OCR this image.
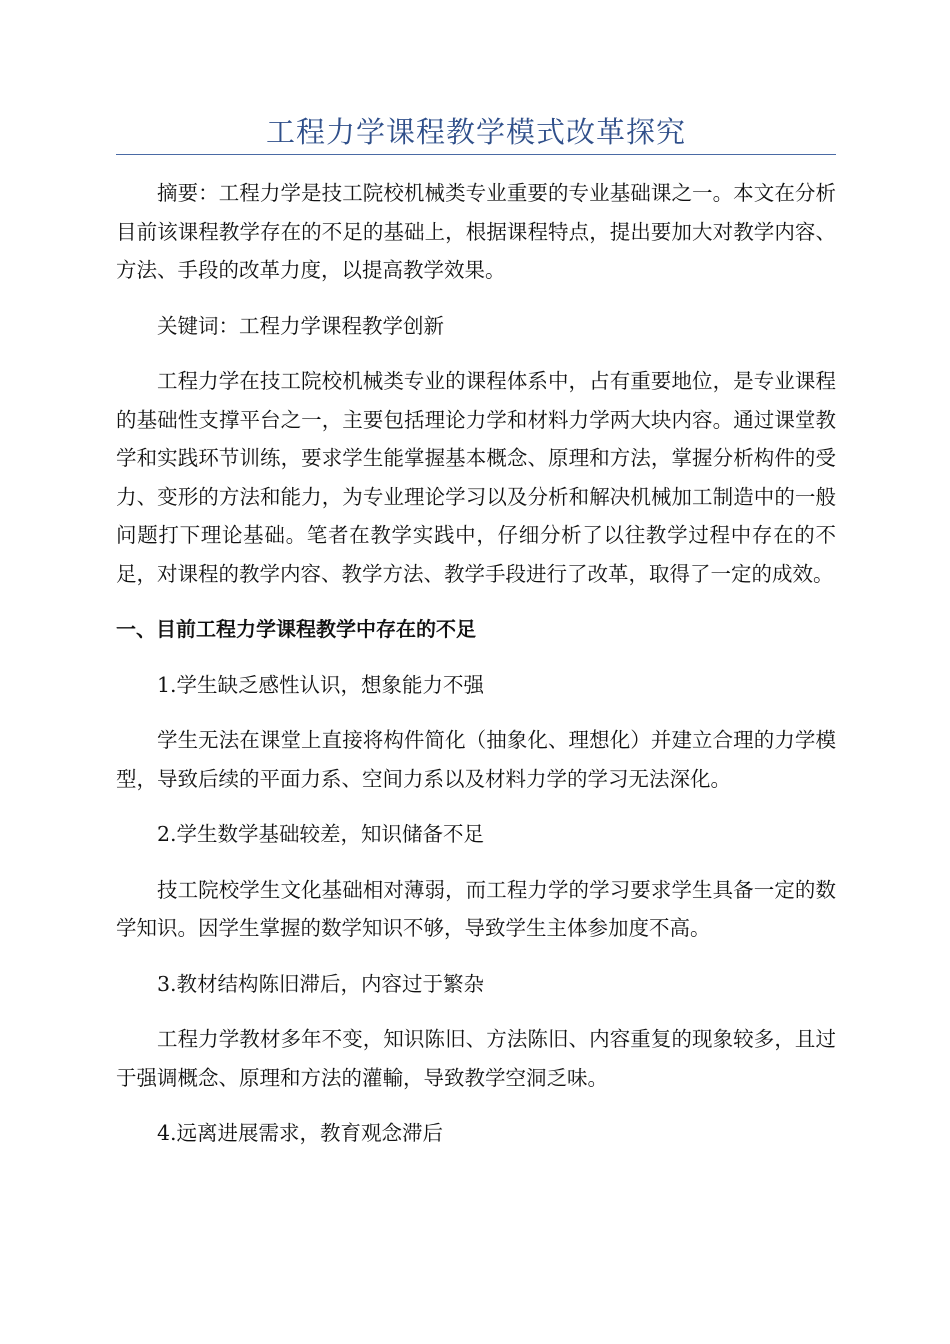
工程力学课程教学模式改革探究

摘要：工程力学是技工院校机械类专业重要的专业基础课之一。本文在分析目前该课程教学存在的不足的基础上，根据课程特点，提出要加大对教学内容、方法、手段的改革力度，以提高教学效果。

关键词：工程力学课程教学创新

工程力学在技工院校机械类专业的课程体系中，占有重要地位，是专业课程的基础性支撑平台之一，主要包括理论力学和材料力学两大块内容。通过课堂教学和实践环节训练，要求学生能掌握基本概念、原理和方法，掌握分析构件的受力、变形的方法和能力，为专业理论学习以及分析和解决机械加工制造中的一般问题打下理论基础。笔者在教学实践中，仔细分析了以往教学过程中存在的不足，对课程的教学内容、教学方法、教学手段进行了改革，取得了一定的成效。

一、目前工程力学课程教学中存在的不足

1.学生缺乏感性认识，想象能力不强

学生无法在课堂上直接将构件简化（抽象化、理想化）并建立合理的力学模型，导致后续的平面力系、空间力系以及材料力学的学习无法深化。

2.学生数学基础较差，知识储备不足

技工院校学生文化基础相对薄弱，而工程力学的学习要求学生具备一定的数学知识。因学生掌握的数学知识不够，导致学生主体参加度不高。

3.教材结构陈旧滞后，内容过于繁杂

工程力学教材多年不变，知识陈旧、方法陈旧、内容重复的现象较多，且过于强调概念、原理和方法的灌輸，导致教学空洞乏味。

4.远离进展需求，教育观念滞后
